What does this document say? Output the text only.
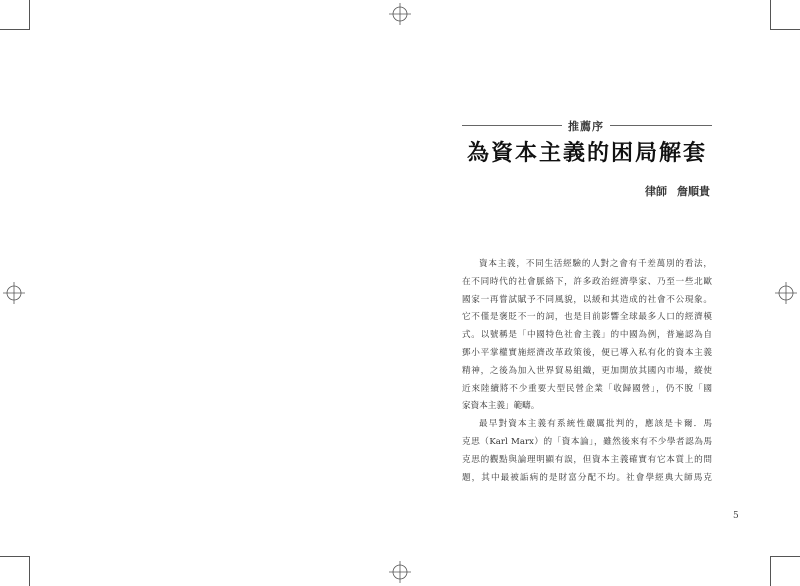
推薦序
為資本主義的困局解套
律師 詹順貴
資本主義，不同生活經驗的人對之會有千差萬別的看法，
在不同時代的社會脈絡下，許多政治經濟學家、乃至一些北歐
國家一再嘗試賦予不同風貌，以緩和其造成的社會不公現象。
它不僅是褒貶不一的詞，也是目前影響全球最多人口的經濟模
式。以號稱是「中國特色社會主義」的中國為例，普遍認為自
鄧小平掌權實施經濟改革政策後，便已導入私有化的資本主義
精神，之後為加入世界貿易組織，更加開放其國內市場，縱使
近來陸續將不少重要大型民營企業「收歸國營」，仍不脫「國
家資本主義」範疇。
最早對資本主義有系統性嚴厲批判的，應該是卡爾．馬
克思（Karl Marx）的「資本論」，雖然後來有不少學者認為馬
克思的觀點與論理明顯有誤，但資本主義確實有它本質上的問
題，其中最被詬病的是財富分配不均。社會學經典大師馬克
5
